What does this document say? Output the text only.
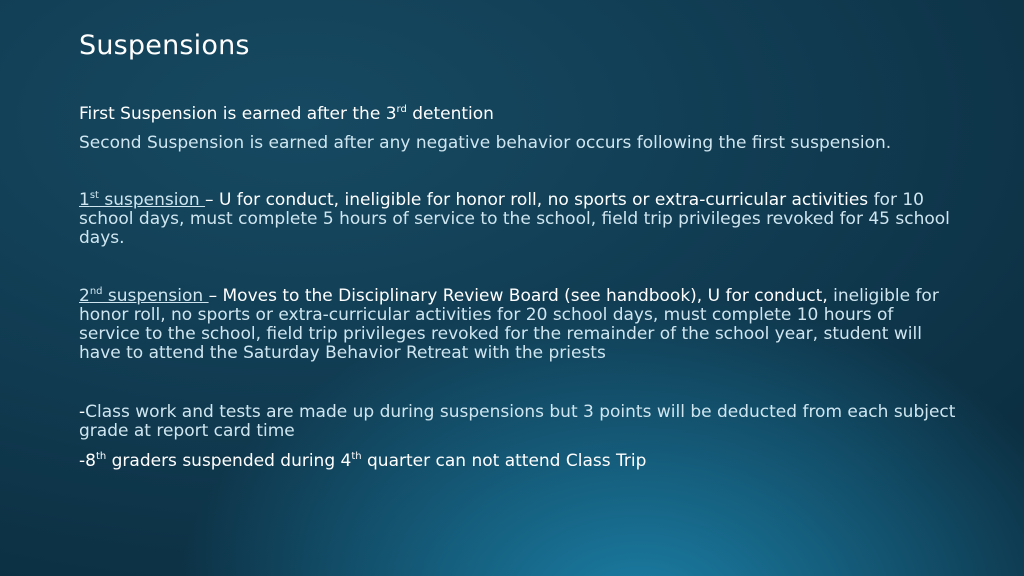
Suspensions

First Suspension is earned after the 3rd detention

Second Suspension is earned after any negative behavior occurs following the first suspension.

1st suspension – U for conduct, ineligible for honor roll, no sports or extra-curricular activities for 10 school days, must complete 5 hours of service to the school, field trip privileges revoked for 45 school days.

2nd suspension – Moves to the Disciplinary Review Board (see handbook), U for conduct, ineligible for honor roll, no sports or extra-curricular activities for 20 school days, must complete 10 hours of service to the school, field trip privileges revoked for the remainder of the school year, student will have to attend the Saturday Behavior Retreat with the priests

-Class work and tests are made up during suspensions but 3 points will be deducted from each subject grade at report card time

-8th graders suspended during 4th quarter can not attend Class Trip
